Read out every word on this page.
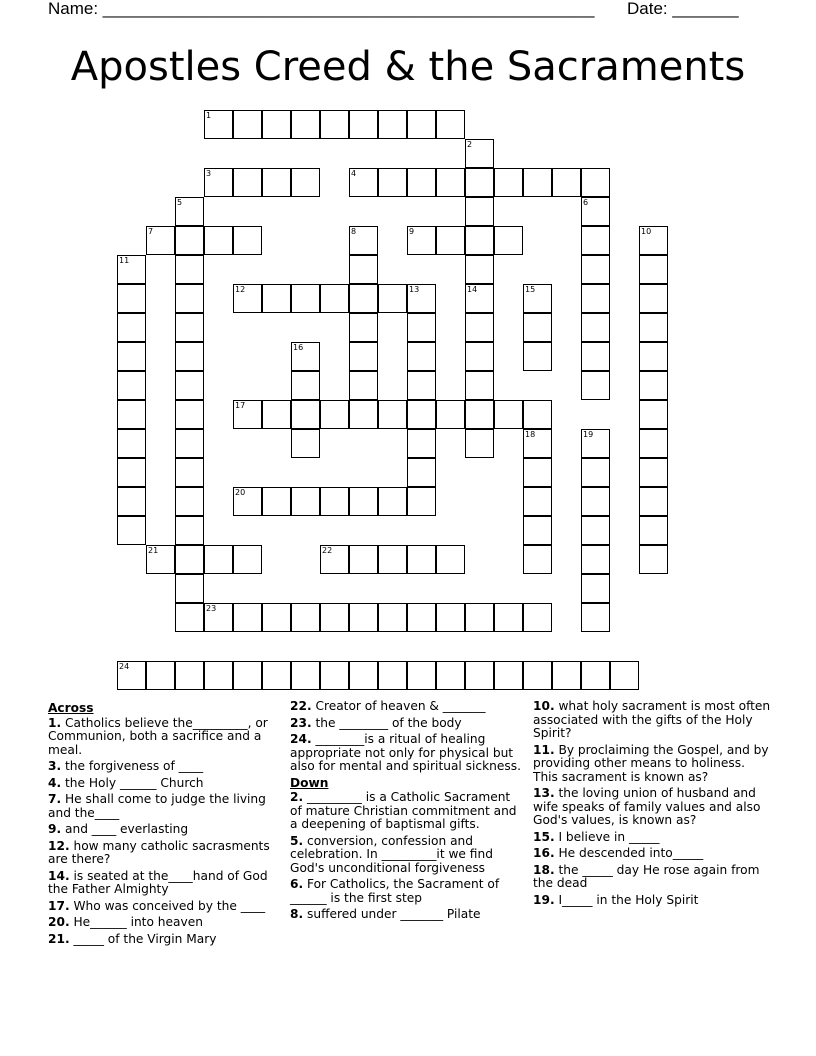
Name: ____________________________________________________ Date: _______
Apostles Creed & the Sacraments
1
3	4
7	9
12
17
20
21	22
23
24
2
14
5	6
8	10
11
13	15
16
18	19
Across
1. Catholics believe the_________, or Communion, both a sacrifice and a meal.
3. the forgiveness of ____
4. the Holy ______ Church
7. He shall come to judge the living and the____
9. and ____ everlasting
12. how many catholic sacrasments are there?
14. is seated at the____hand of God the Father Almighty
17. Who was conceived by the ____
20. He______ into heaven
21. _____ of the Virgin Mary
22. Creator of heaven & _______
23. the ________ of the body
24. ________is a ritual of healing appropriate not only for physical but also for mental and spiritual sickness.
Down
2. _________ is a Catholic Sacrament of mature Christian commitment and a deepening of baptismal gifts.
5. conversion, confession and celebration. In _________it we find God's unconditional forgiveness
6. For Catholics, the Sacrament of ______ is the first step
8. suffered under _______ Pilate
10. what holy sacrament is most often associated with the gifts of the Holy Spirit?
11. By proclaiming the Gospel, and by providing other means to holiness. This sacrament is known as?
13. the loving union of husband and wife speaks of family values and also God's values, is known as?
15. I believe in _____
16. He descended into_____
18. the _____ day He rose again from the dead
19. I_____ in the Holy Spirit
